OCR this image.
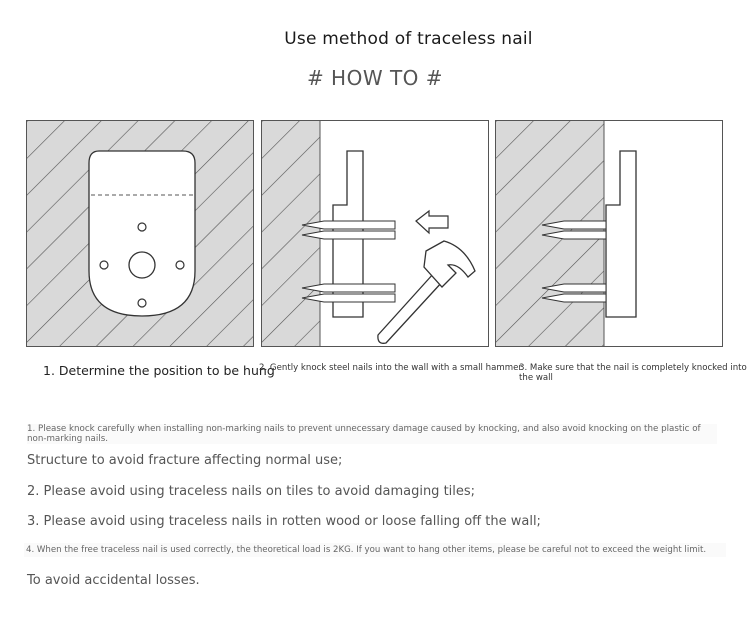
Use method of traceless nail
# HOW TO #
1. Determine the position to be hung
2. Gently knock steel nails into the wall with a small hammer
3. Make sure that the nail is completely knocked into the wall
1. Please knock carefully when installing non-marking nails to prevent unnecessary damage caused by knocking, and also avoid knocking on the plastic of non-marking nails.
Structure to avoid fracture affecting normal use;
2. Please avoid using traceless nails on tiles to avoid damaging tiles;
3. Please avoid using traceless nails in rotten wood or loose falling off the wall;
4. When the free traceless nail is used correctly, the theoretical load is 2KG. If you want to hang other items, please be careful not to exceed the weight limit.
To avoid accidental losses.
